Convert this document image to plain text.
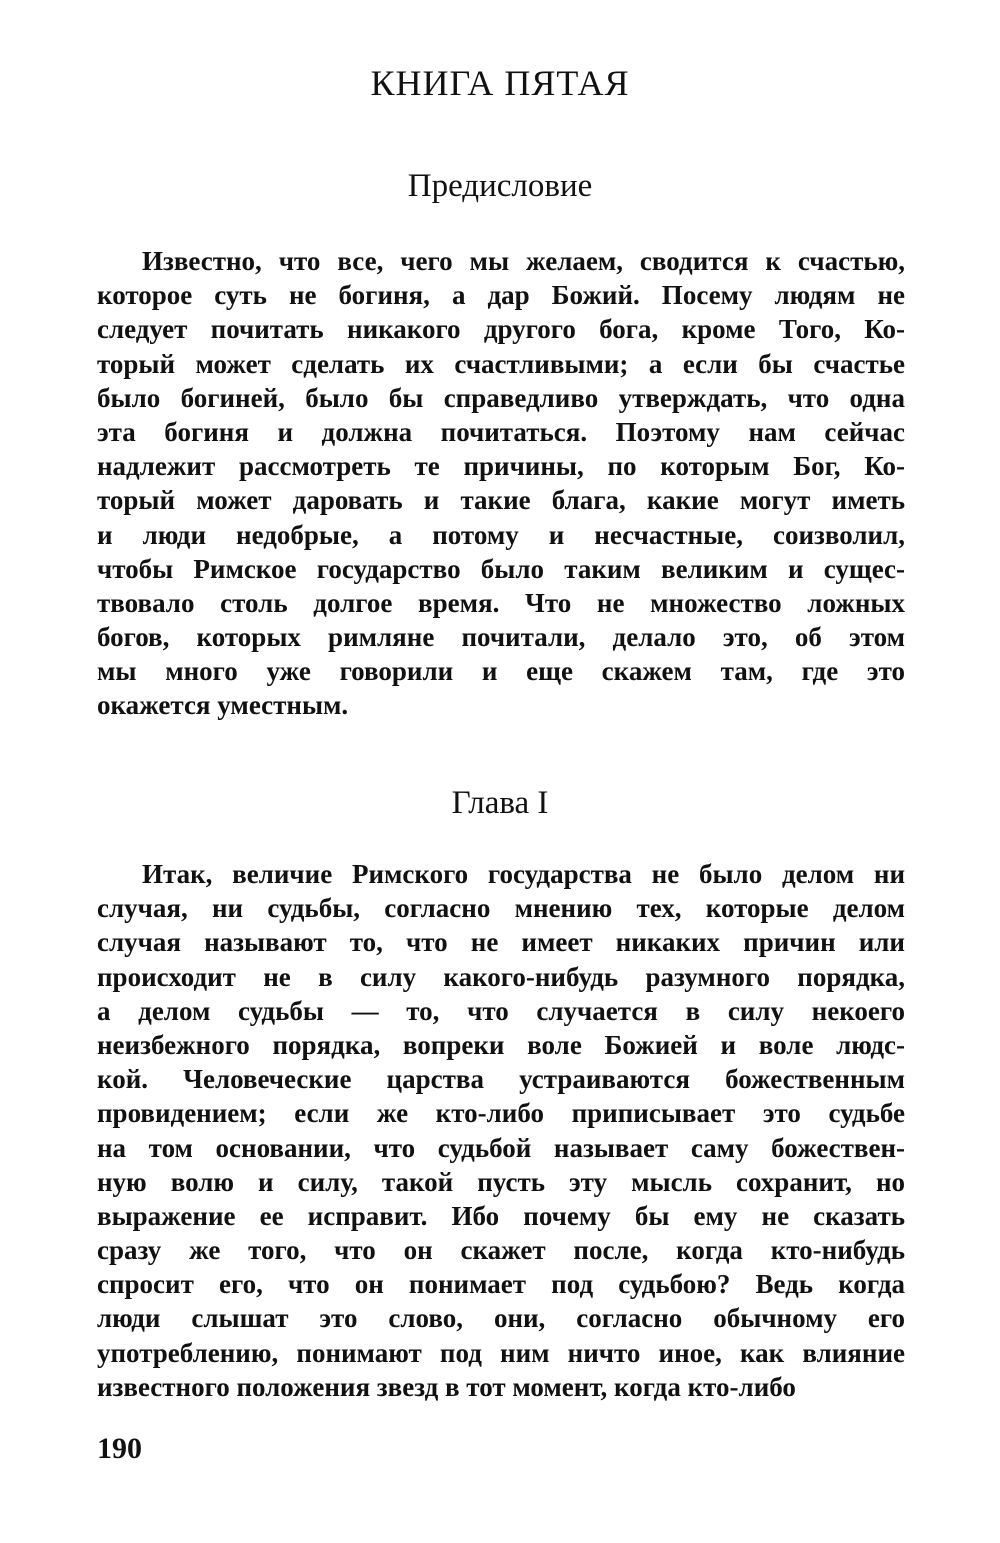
КНИГА ПЯТАЯ
Предисловие
Известно, что все, чего мы желаем, сводится к счастью,
которое суть не богиня, а дар Божий. Посему людям не
следует почитать никакого другого бога, кроме Того, Ко-
торый может сделать их счастливыми; а если бы счастье
было богиней, было бы справедливо утверждать, что одна
эта богиня и должна почитаться. Поэтому нам сейчас
надлежит рассмотреть те причины, по которым Бог, Ко-
торый может даровать и такие блага, какие могут иметь
и люди недобрые, а потому и несчастные, соизволил,
чтобы Римское государство было таким великим и сущес-
твовало столь долгое время. Что не множество ложных
богов, которых римляне почитали, делало это, об этом
мы много уже говорили и еще скажем там, где это
окажется уместным.
Глава I
Итак, величие Римского государства не было делом ни
случая, ни судьбы, согласно мнению тех, которые делом
случая называют то, что не имеет никаких причин или
происходит не в силу какого-нибудь разумного порядка,
а делом судьбы — то, что случается в силу некоего
неизбежного порядка, вопреки воле Божией и воле людс-
кой. Человеческие царства устраиваются божественным
провидением; если же кто-либо приписывает это судьбе
на том основании, что судьбой называет саму божествен-
ную волю и силу, такой пусть эту мысль сохранит, но
выражение ее исправит. Ибо почему бы ему не сказать
сразу же того, что он скажет после, когда кто-нибудь
спросит его, что он понимает под судьбою? Ведь когда
люди слышат это слово, они, согласно обычному его
употреблению, понимают под ним ничто иное, как влияние
известного положения звезд в тот момент, когда кто-либо
190
